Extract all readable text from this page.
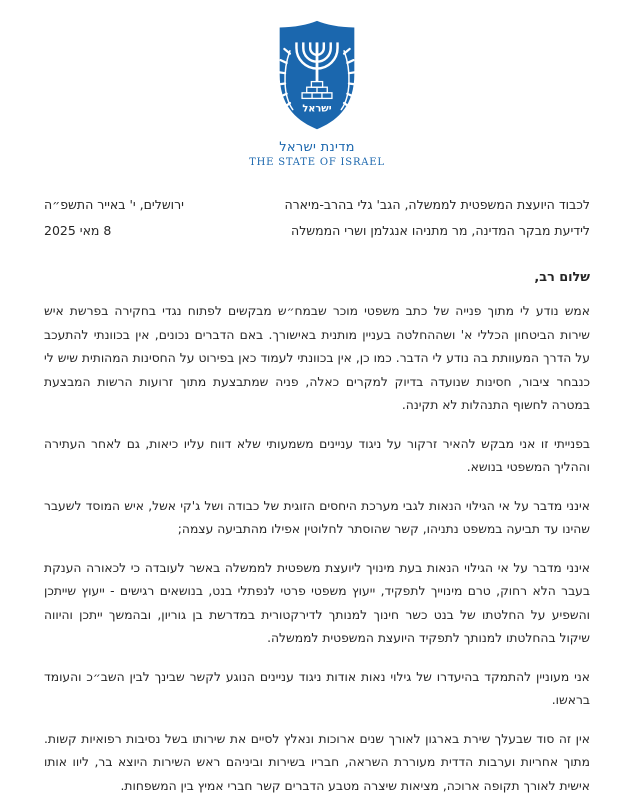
ישראל
מדינת ישראל
THE STATE OF ISRAEL
לכבוד היועצת המשפטית לממשלה, הגב' גלי בהרב-מיארה
לידיעת מבקר המדינה, מר מתניהו אנגלמן ושרי הממשלה
ירושלים, י' באייר התשפ״ה
8 מאי 2025
שלום רב,

אמש נודע לי מתוך פנייה של כתב משפטי מוכר שבמח״ש מבקשים לפתוח נגדי בחקירה בפרשת איש שירות הביטחון הכללי א' ושההחלטה בעניין מותנית באישורך. באם הדברים נכונים, אין בכוונתי להתעכב על הדרך המעוותת בה נודע לי הדבר. כמו כן, אין בכוונתי לעמוד כאן בפירוט על החסינות המהותית שיש לי כנבחר ציבור, חסינות שנועדה בדיוק למקרים כאלה, פניה שמתבצעת מתוך זרועות הרשות המבצעת במטרה לחשוף התנהלות לא תקינה.

בפנייתי זו אני מבקש להאיר זרקור על ניגוד עניינים משמעותי שלא דווח עליו כיאות, גם לאחר העתירה וההליך המשפטי בנושא.

אינני מדבר על אי הגילוי הנאות לגבי מערכת היחסים הזוגית של כבודה ושל ג'קי אשל, איש המוסד לשעבר שהינו עד תביעה במשפט נתניהו, קשר שהוסתר לחלוטין אפילו מהתביעה עצמה;

אינני מדבר על אי הגילוי הנאות בעת מינויך ליועצת משפטית לממשלה באשר לעובדה כי לכאורה הענקת בעבר הלא רחוק, טרם מינוייך לתפקיד, ייעוץ משפטי פרטי לנפתלי בנט, בנושאים רגישים - ייעוץ שייתכן והשפיע על החלטתו של בנט כשר חינוך למנותך לדירקטורית במדרשת בן גוריון, ובהמשך ייתכן והיווה שיקול בהחלטתו למנותך לתפקיד היועצת המשפטית לממשלה.

אני מעוניין להתמקד בהיעדרו של גילוי נאות אודות ניגוד עניינים הנוגע לקשר שבינך לבין השב״כ והעומד בראשו.

אין זה סוד שבעלך שירת בארגון לאורך שנים ארוכות ונאלץ לסיים את שירותו בשל נסיבות רפואיות קשות. מתוך אחריות וערבות הדדית מעוררת השראה, חבריו בשירות וביניהם ראש השירות היוצא בר, ליוו אותו אישית לאורך תקופה ארוכה, מציאות שיצרה מטבע הדברים קשר חברי אמיץ בין המשפחות.
